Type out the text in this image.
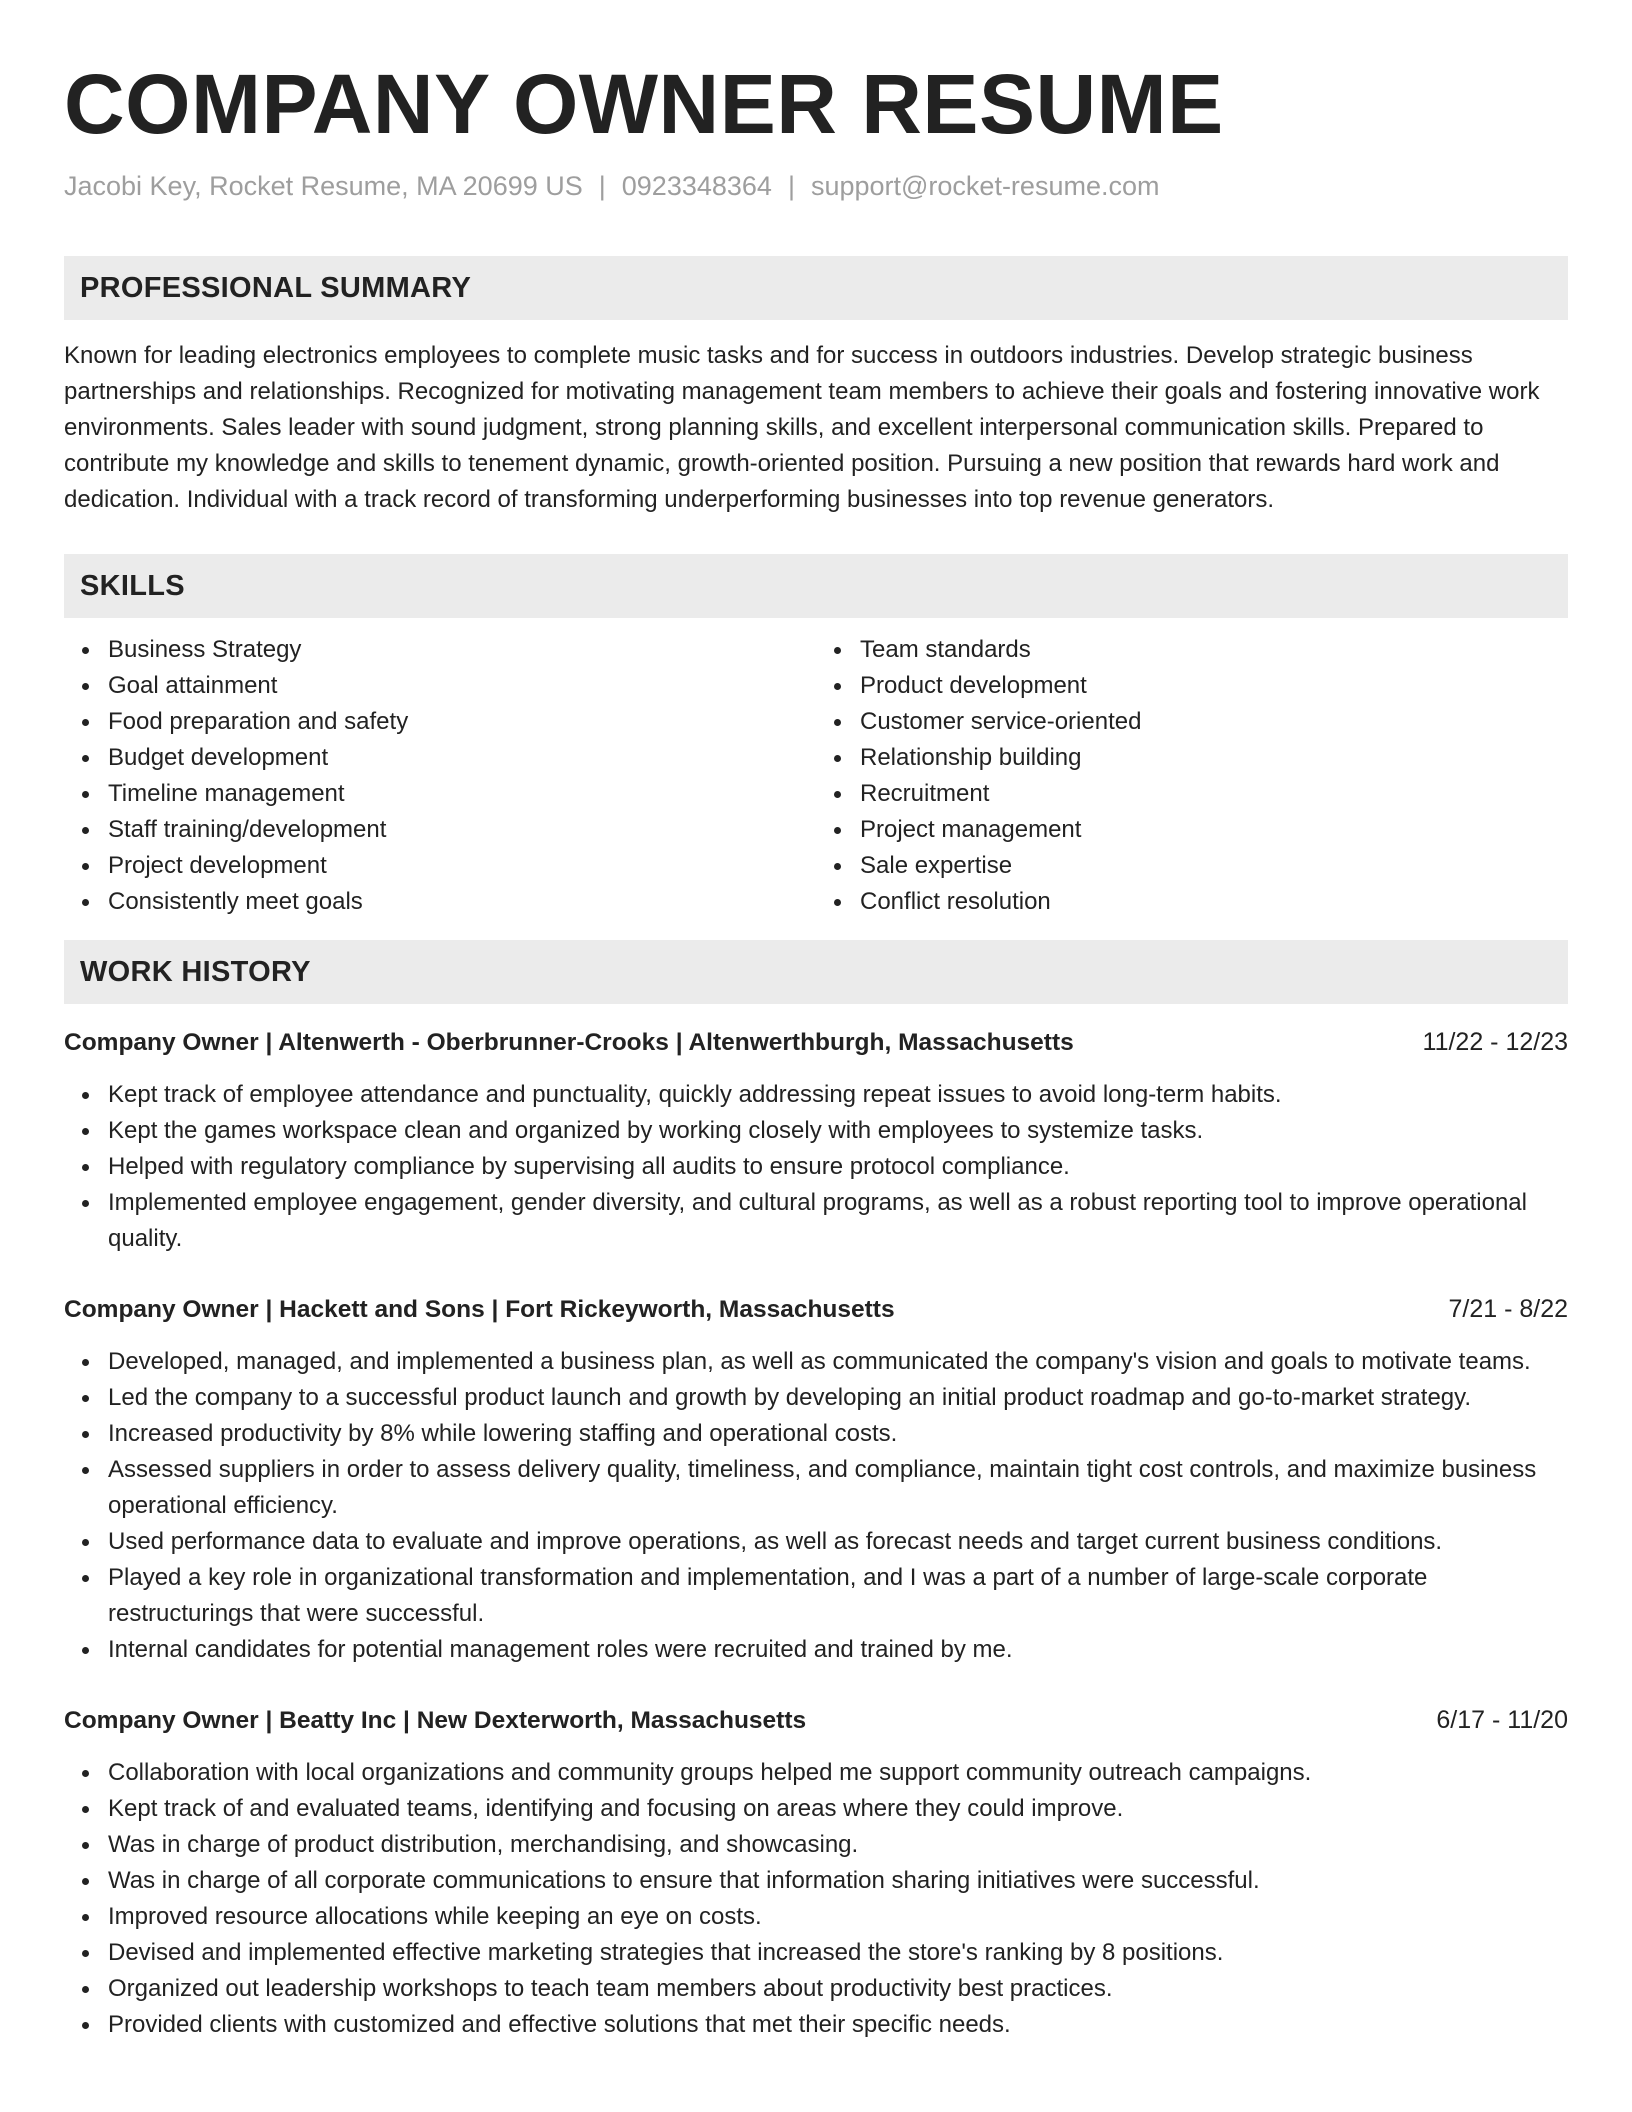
COMPANY OWNER RESUME
Jacobi Key, Rocket Resume, MA 20699 US | 0923348364 | support@rocket-resume.com
PROFESSIONAL SUMMARY
Known for leading electronics employees to complete music tasks and for success in outdoors industries. Develop strategic business partnerships and relationships. Recognized for motivating management team members to achieve their goals and fostering innovative work environments. Sales leader with sound judgment, strong planning skills, and excellent interpersonal communication skills. Prepared to contribute my knowledge and skills to tenement dynamic, growth-oriented position. Pursuing a new position that rewards hard work and dedication. Individual with a track record of transforming underperforming businesses into top revenue generators.
SKILLS
Business Strategy
Goal attainment
Food preparation and safety
Budget development
Timeline management
Staff training/development
Project development
Consistently meet goals
Team standards
Product development
Customer service-oriented
Relationship building
Recruitment
Project management
Sale expertise
Conflict resolution
WORK HISTORY
Company Owner | Altenwerth - Oberbrunner-Crooks | Altenwerthburgh, Massachusetts	11/22 - 12/23
Kept track of employee attendance and punctuality, quickly addressing repeat issues to avoid long-term habits.
Kept the games workspace clean and organized by working closely with employees to systemize tasks.
Helped with regulatory compliance by supervising all audits to ensure protocol compliance.
Implemented employee engagement, gender diversity, and cultural programs, as well as a robust reporting tool to improve operational quality.
Company Owner | Hackett and Sons | Fort Rickeyworth, Massachusetts	7/21 - 8/22
Developed, managed, and implemented a business plan, as well as communicated the company's vision and goals to motivate teams.
Led the company to a successful product launch and growth by developing an initial product roadmap and go-to-market strategy.
Increased productivity by 8% while lowering staffing and operational costs.
Assessed suppliers in order to assess delivery quality, timeliness, and compliance, maintain tight cost controls, and maximize business operational efficiency.
Used performance data to evaluate and improve operations, as well as forecast needs and target current business conditions.
Played a key role in organizational transformation and implementation, and I was a part of a number of large-scale corporate restructurings that were successful.
Internal candidates for potential management roles were recruited and trained by me.
Company Owner | Beatty Inc | New Dexterworth, Massachusetts	6/17 - 11/20
Collaboration with local organizations and community groups helped me support community outreach campaigns.
Kept track of and evaluated teams, identifying and focusing on areas where they could improve.
Was in charge of product distribution, merchandising, and showcasing.
Was in charge of all corporate communications to ensure that information sharing initiatives were successful.
Improved resource allocations while keeping an eye on costs.
Devised and implemented effective marketing strategies that increased the store's ranking by 8 positions.
Organized out leadership workshops to teach team members about productivity best practices.
Provided clients with customized and effective solutions that met their specific needs.
